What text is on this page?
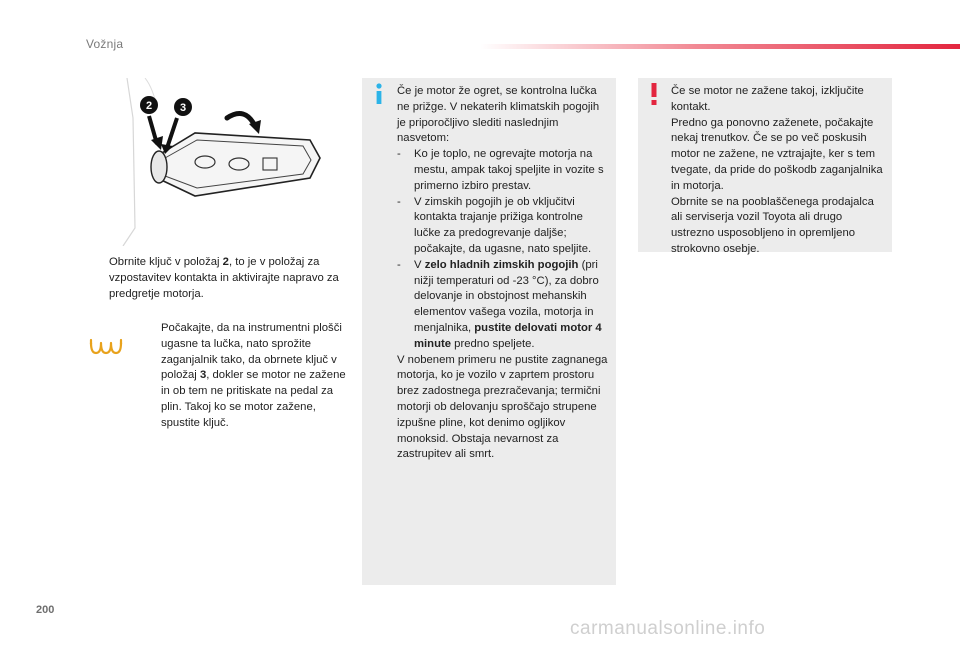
Vožnja
2	3
Obrnite ključ v položaj 2, to je v položaj za vzpostavitev kontakta in aktivirajte napravo za predgretje motorja.
Počakajte, da na instrumentni plošči ugasne ta lučka, nato sprožite zaganjalnik tako, da obrnete ključ v položaj 3, dokler se motor ne zažene in ob tem ne pritiskate na pedal za plin. Takoj ko se motor zažene, spustite ključ.

Če je motor že ogret, se kontrolna lučka ne prižge. V nekaterih klimatskih pogojih je priporočljivo slediti naslednjim nasvetom:

- Ko je toplo, ne ogrevajte motorja na mestu, ampak takoj speljite in vozite s primerno izbiro prestav.
- V zimskih pogojih je ob vključitvi kontakta trajanje prižiga kontrolne lučke za predogrevanje daljše; počakajte, da ugasne, nato speljite.
- V zelo hladnih zimskih pogojih (pri nižji temperaturi od -23 °C), za dobro delovanje in obstojnost mehanskih elementov vašega vozila, motorja in menjalnika, pustite delovati motor 4 minute predno speljete.

V nobenem primeru ne pustite zagnanega motorja, ko je vozilo v zaprtem prostoru brez zadostnega prezračevanja; termični motorji ob delovanju sproščajo strupene izpušne pline, kot denimo ogljikov monoksid. Obstaja nevarnost za zastrupitev ali smrt.

Če se motor ne zažene takoj, izključite kontakt.

Predno ga ponovno zaženete, počakajte nekaj trenutkov. Če se po več poskusih motor ne zažene, ne vztrajajte, ker s tem tvegate, da pride do poškodb zaganjalnika in motorja.

Obrnite se na pooblaščenega prodajalca ali serviserja vozil Toyota ali drugo ustrezno usposobljeno in opremljeno strokovno osebje.

200
carmanualsonline.info
